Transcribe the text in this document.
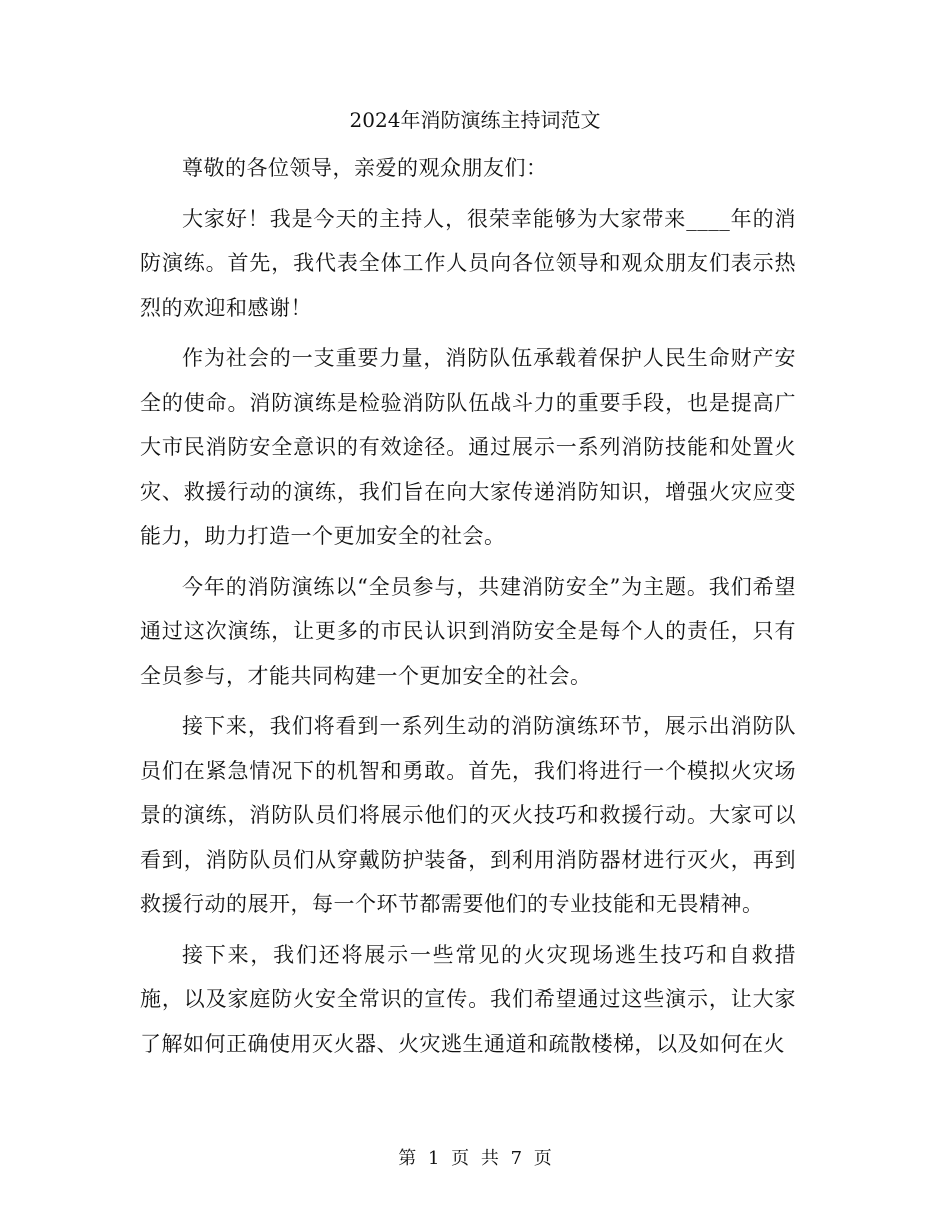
2024年消防演练主持词范文

尊敬的各位领导，亲爱的观众朋友们：

大家好！我是今天的主持人，很荣幸能够为大家带来____年的消防演练。首先，我代表全体工作人员向各位领导和观众朋友们表示热烈的欢迎和感谢！

作为社会的一支重要力量，消防队伍承载着保护人民生命财产安全的使命。消防演练是检验消防队伍战斗力的重要手段，也是提高广大市民消防安全意识的有效途径。通过展示一系列消防技能和处置火灾、救援行动的演练，我们旨在向大家传递消防知识，增强火灾应变能力，助力打造一个更加安全的社会。

今年的消防演练以“全员参与，共建消防安全”为主题。我们希望通过这次演练，让更多的市民认识到消防安全是每个人的责任，只有全员参与，才能共同构建一个更加安全的社会。

接下来，我们将看到一系列生动的消防演练环节，展示出消防队员们在紧急情况下的机智和勇敢。首先，我们将进行一个模拟火灾场景的演练，消防队员们将展示他们的灭火技巧和救援行动。大家可以看到，消防队员们从穿戴防护装备，到利用消防器材进行灭火，再到救援行动的展开，每一个环节都需要他们的专业技能和无畏精神。

接下来，我们还将展示一些常见的火灾现场逃生技巧和自救措施，以及家庭防火安全常识的宣传。我们希望通过这些演示，让大家了解如何正确使用灭火器、火灾逃生通道和疏散楼梯，以及如何在火

第 1 页 共 7 页
